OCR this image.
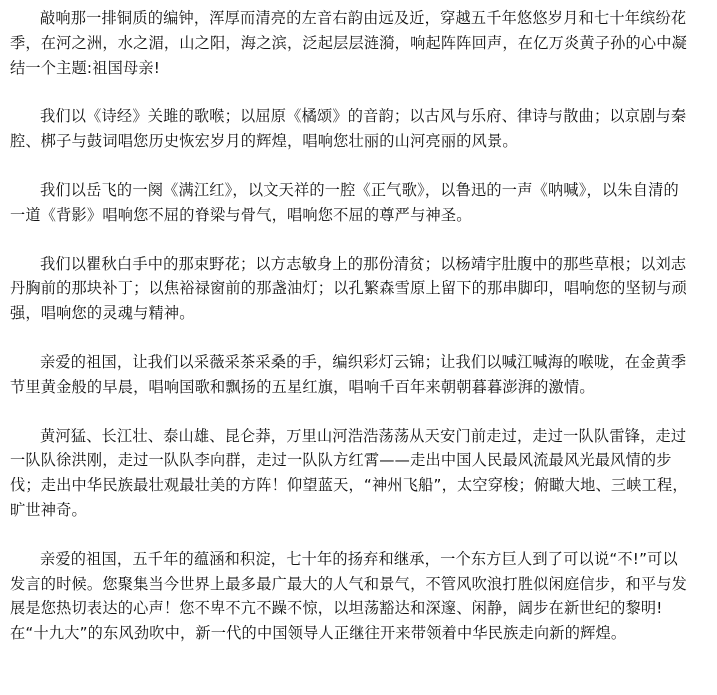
敲响那一排铜质的编钟，浑厚而清亮的左音右韵由远及近，穿越五千年悠悠岁月和七十年缤纷花季，在河之洲，水之湄，山之阳，海之滨，泛起层层涟漪，响起阵阵回声，在亿万炎黄子孙的心中凝结一个主题:祖国母亲!

我们以《诗经》关雎的歌喉；以屈原《橘颂》的音韵；以古风与乐府、律诗与散曲；以京剧与秦腔、梆子与鼓词唱您历史恢宏岁月的辉煌，唱响您壮丽的山河亮丽的风景。

我们以岳飞的一阕《满江红》，以文天祥的一腔《正气歌》，以鲁迅的一声《呐喊》，以朱自清的一道《背影》唱响您不屈的脊梁与骨气，唱响您不屈的尊严与神圣。

我们以瞿秋白手中的那束野花；以方志敏身上的那份清贫；以杨靖宇肚腹中的那些草根；以刘志丹胸前的那块补丁；以焦裕禄窗前的那盏油灯；以孔繁森雪原上留下的那串脚印，唱响您的坚韧与顽强，唱响您的灵魂与精神。

亲爱的祖国，让我们以采薇采茶采桑的手，编织彩灯云锦；让我们以喊江喊海的喉咙，在金黄季节里黄金般的早晨，唱响国歌和飘扬的五星红旗，唱响千百年来朝朝暮暮澎湃的激情。

黄河猛、长江壮、泰山雄、昆仑莽，万里山河浩浩荡荡从天安门前走过，走过一队队雷锋，走过一队队徐洪刚，走过一队队李向群，走过一队队方红霄——走出中国人民最风流最风光最风情的步伐；走出中华民族最壮观最壮美的方阵！仰望蓝天，“神州飞船”，太空穿梭；俯瞰大地、三峡工程，旷世神奇。

亲爱的祖国，五千年的蕴涵和积淀，七十年的扬弃和继承，一个东方巨人到了可以说“不!”可以发言的时候。您聚集当今世界上最多最广最大的人气和景气，不管风吹浪打胜似闲庭信步，和平与发展是您热切表达的心声！您不卑不亢不躁不惊，以坦荡豁达和深邃、闲静，阔步在新世纪的黎明!在“十九大”的东风劲吹中，新一代的中国领导人正继往开来带领着中华民族走向新的辉煌。
